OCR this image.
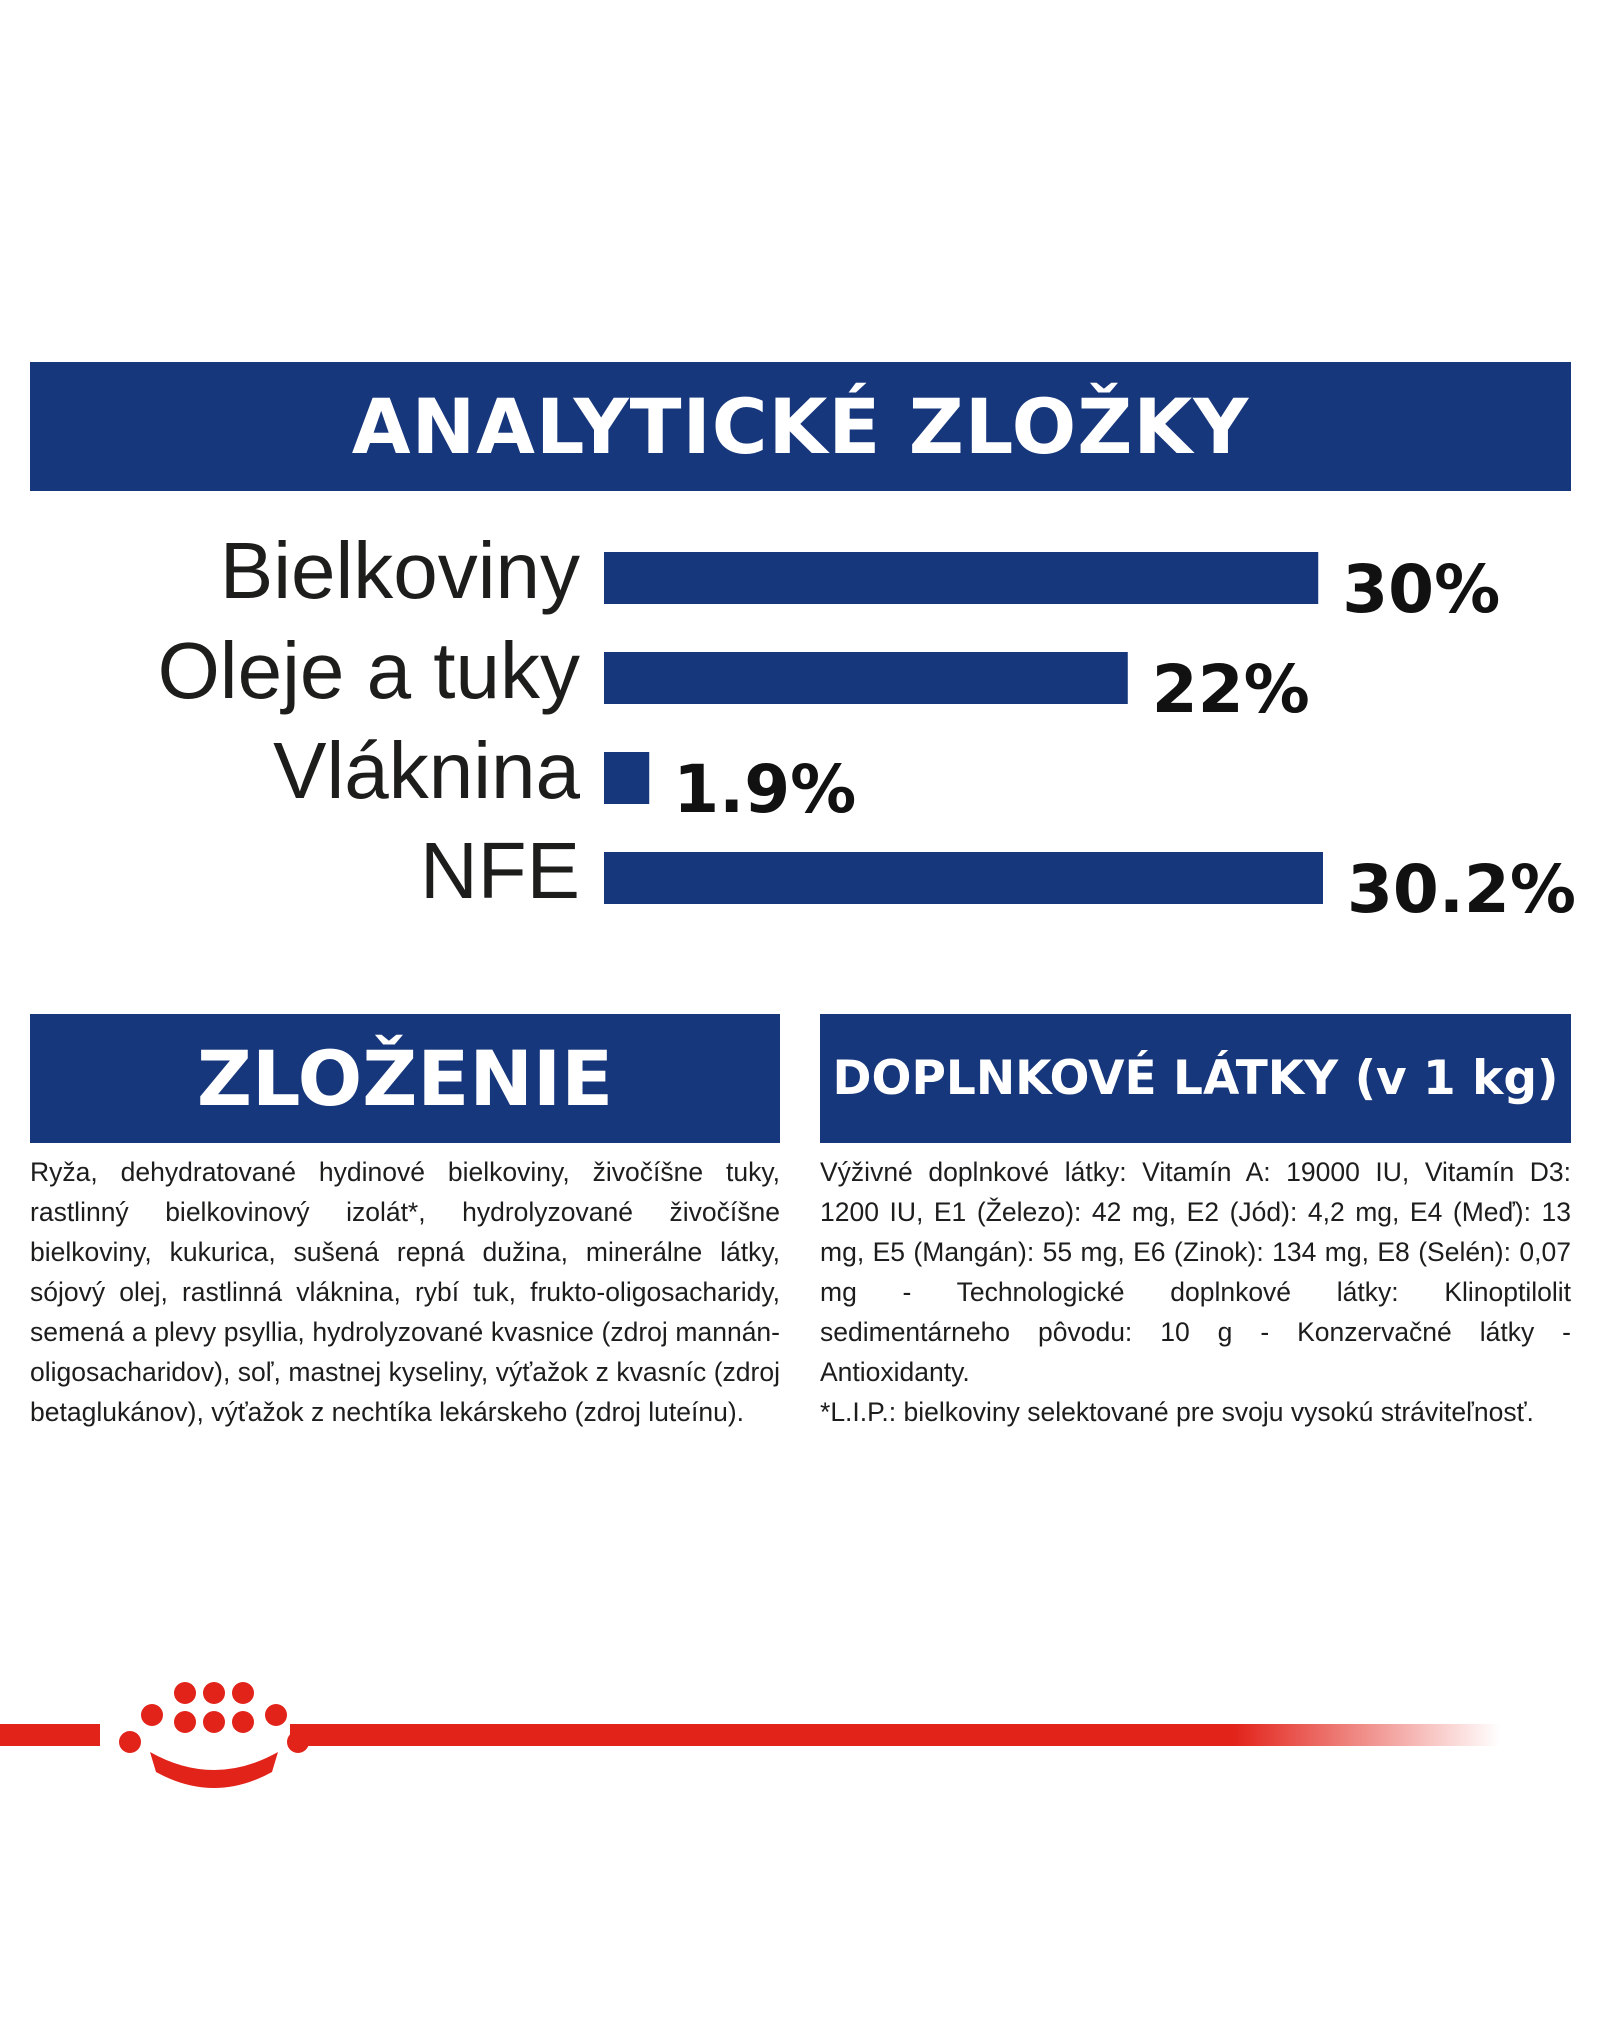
ANALYTICKÉ ZLOŽKY
Bielkoviny	30%
Oleje a tuky	22%
Vláknina 1.9%
NFE	30.2%
ZLOŽENIE	DOPLNKOVÉ LÁTKY (v 1 kg)

Ryža, dehydratované hydinové bielkoviny, živočíšne tuky, rastlinný bielkovinový izolát*, hydrolyzované živočíšne bielkoviny, kukurica, sušená repná dužina, minerálne látky, sójový olej, rastlinná vláknina, rybí tuk, frukto-oligosacharidy, semená a plevy psyllia, hydrolyzované kvasnice (zdroj mannán-oligosacharidov), soľ, mastnej kyseliny, výťažok z kvasníc (zdroj betaglukánov), výťažok z nechtíka lekárskeho (zdroj luteínu).

Výživné doplnkové látky: Vitamín A: 19000 IU, Vitamín D3: 1200 IU, E1 (Železo): 42 mg, E2 (Jód): 4,2 mg, E4 (Meď): 13 mg, E5 (Mangán): 55 mg, E6 (Zinok): 134 mg, E8 (Selén): 0,07 mg - Technologické doplnkové látky: Klinoptilolit sedimentárneho pôvodu: 10 g - Konzervačné látky - Antioxidanty.

*L.I.P.: bielkoviny selektované pre svoju vysokú stráviteľnosť.
